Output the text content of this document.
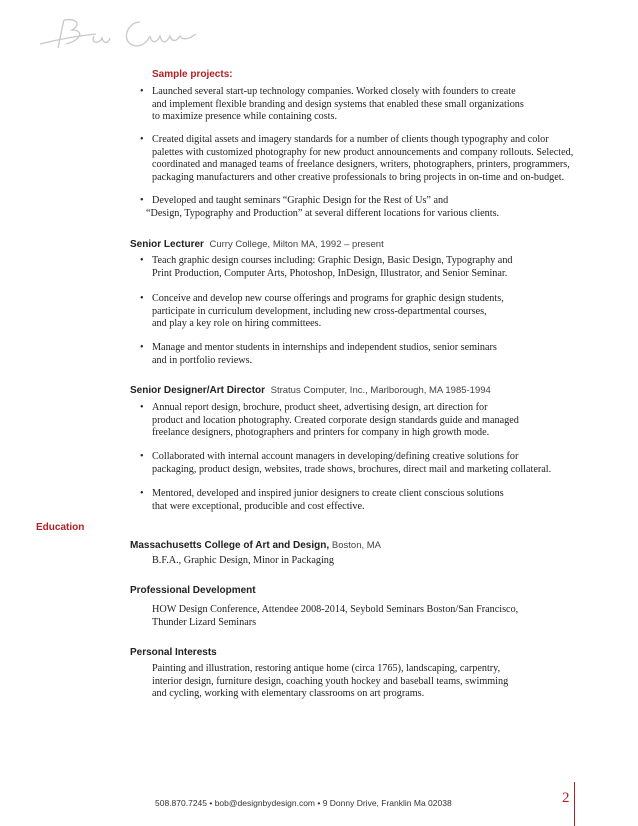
Sample projects:
• Launched several start-up technology companies. Worked closely with founders to create
and implement flexible branding and design systems that enabled these small organizations
to maximize presence while containing costs.
• Created digital assets and imagery standards for a number of clients though typography and color
palettes with customized photography for new product announcements and company rollouts. Selected,
coordinated and managed teams of freelance designers, writers, photographers, printers, programmers,
packaging manufacturers and other creative professionals to bring projects in on-time and on-budget.
• Developed and taught seminars “Graphic Design for the Rest of Us” and
“Design, Typography and Production” at several different locations for various clients.
Senior Lecturer Curry College, Milton MA, 1992 – present
• Teach graphic design courses including: Graphic Design, Basic Design, Typography and
Print Production, Computer Arts, Photoshop, InDesign, Illustrator, and Senior Seminar.
• Conceive and develop new course offerings and programs for graphic design students,
participate in curriculum development, including new cross-departmental courses,
and play a key role on hiring committees.
• Manage and mentor students in internships and independent studios, senior seminars
and in portfolio reviews.
Senior Designer/Art Director Stratus Computer, Inc., Marlborough, MA 1985-1994
• Annual report design, brochure, product sheet, advertising design, art direction for
product and location photography. Created corporate design standards guide and managed
freelance designers, photographers and printers for company in high growth mode.
• Collaborated with internal account managers in developing/defining creative solutions for
packaging, product design, websites, trade shows, brochures, direct mail and marketing collateral.
• Mentored, developed and inspired junior designers to create client conscious solutions
that were exceptional, producible and cost effective.
Education
Massachusetts College of Art and Design, Boston, MA
B.F.A., Graphic Design, Minor in Packaging
Professional Development
HOW Design Conference, Attendee 2008-2014, Seybold Seminars Boston/San Francisco,
Thunder Lizard Seminars
Personal Interests
Painting and illustration, restoring antique home (circa 1765), landscaping, carpentry,
interior design, furniture design, coaching youth hockey and baseball teams, swimming
and cycling, working with elementary classrooms on art programs.
508.870.7245 • bob@designbydesign.com • 9 Donny Drive, Franklin Ma 02038	2
